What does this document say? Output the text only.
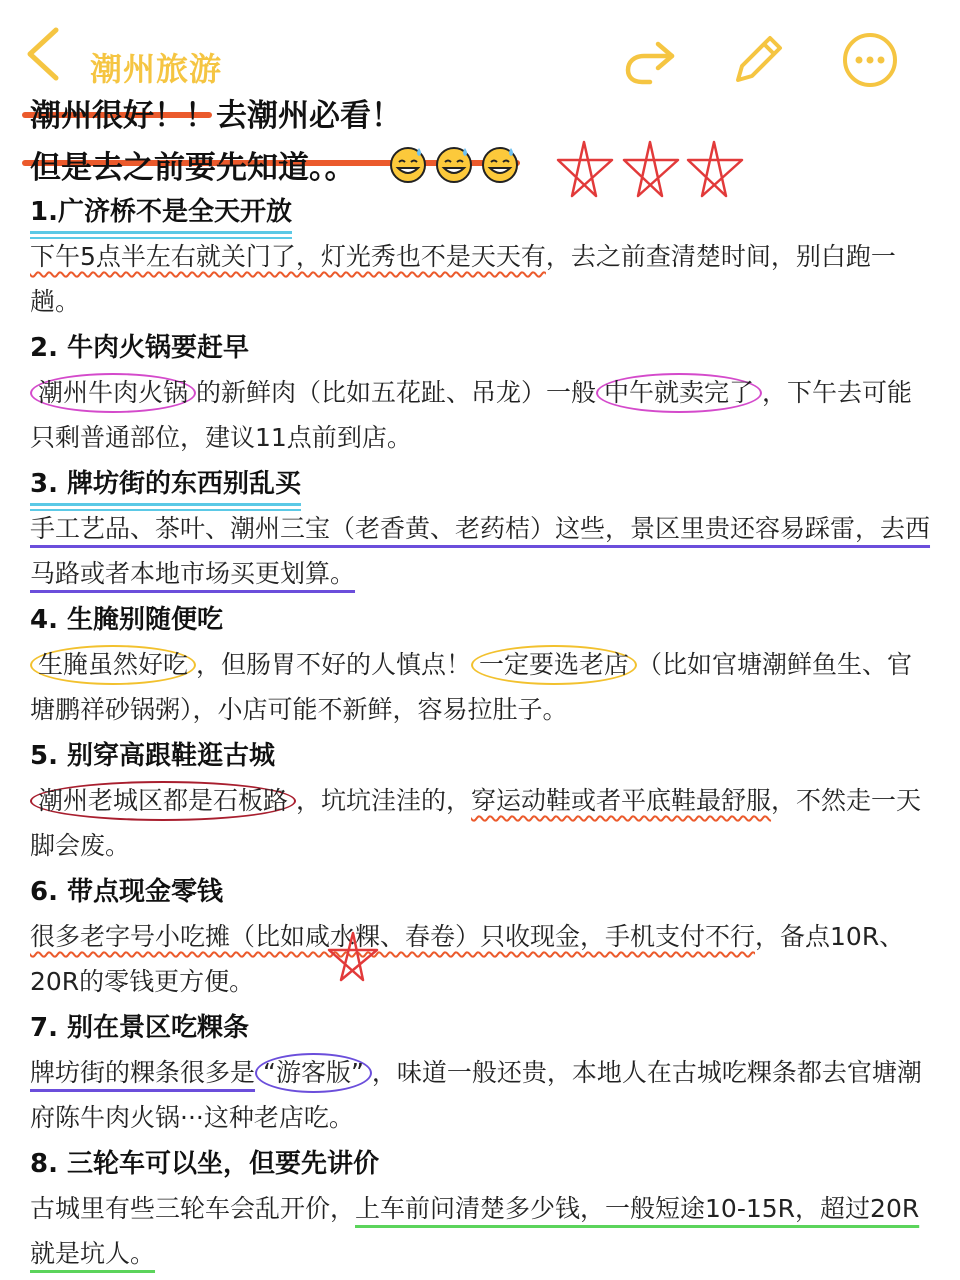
潮州旅游
潮州很好！！去潮州必看！
但是去之前要先知道。。
1.广济桥不是全天开放
下午5点半左右就关门了，灯光秀也不是天天有，去之前查清楚时间，别白跑一趟。
2. 牛肉火锅要赶早
潮州牛肉火锅 的新鲜肉（比如五花趾、吊龙）一般 中午就卖完了 ，下午去可能只剩普通部位，建议11点前到店。
3. 牌坊街的东西别乱买
手工艺品、茶叶、潮州三宝（老香黄、老药桔）这些，景区里贵还容易踩雷，去西马路或者本地市场买更划算。
4. 生腌别随便吃
生腌虽然好吃 ，但肠胃不好的人慎点！ 一定要选老店 （比如官塘潮鲜鱼生、官塘鹏祥砂锅粥），小店可能不新鲜，容易拉肚子。
5. 别穿高跟鞋逛古城
潮州老城区都是石板路 ，坑坑洼洼的，穿运动鞋或者平底鞋最舒服，不然走一天脚会废。
6. 带点现金零钱
很多老字号小吃摊（比如咸水粿、春卷）只收现金，手机支付不行，备点10R、20R的零钱更方便。
7. 别在景区吃粿条
牌坊街的粿条很多是 “游客版” ，味道一般还贵，本地人在古城吃粿条都去官塘潮府陈牛肉火锅···这种老店吃。
8. 三轮车可以坐，但要先讲价
古城里有些三轮车会乱开价，上车前问清楚多少钱，一般短途10-15R，超过20R就是坑人。
